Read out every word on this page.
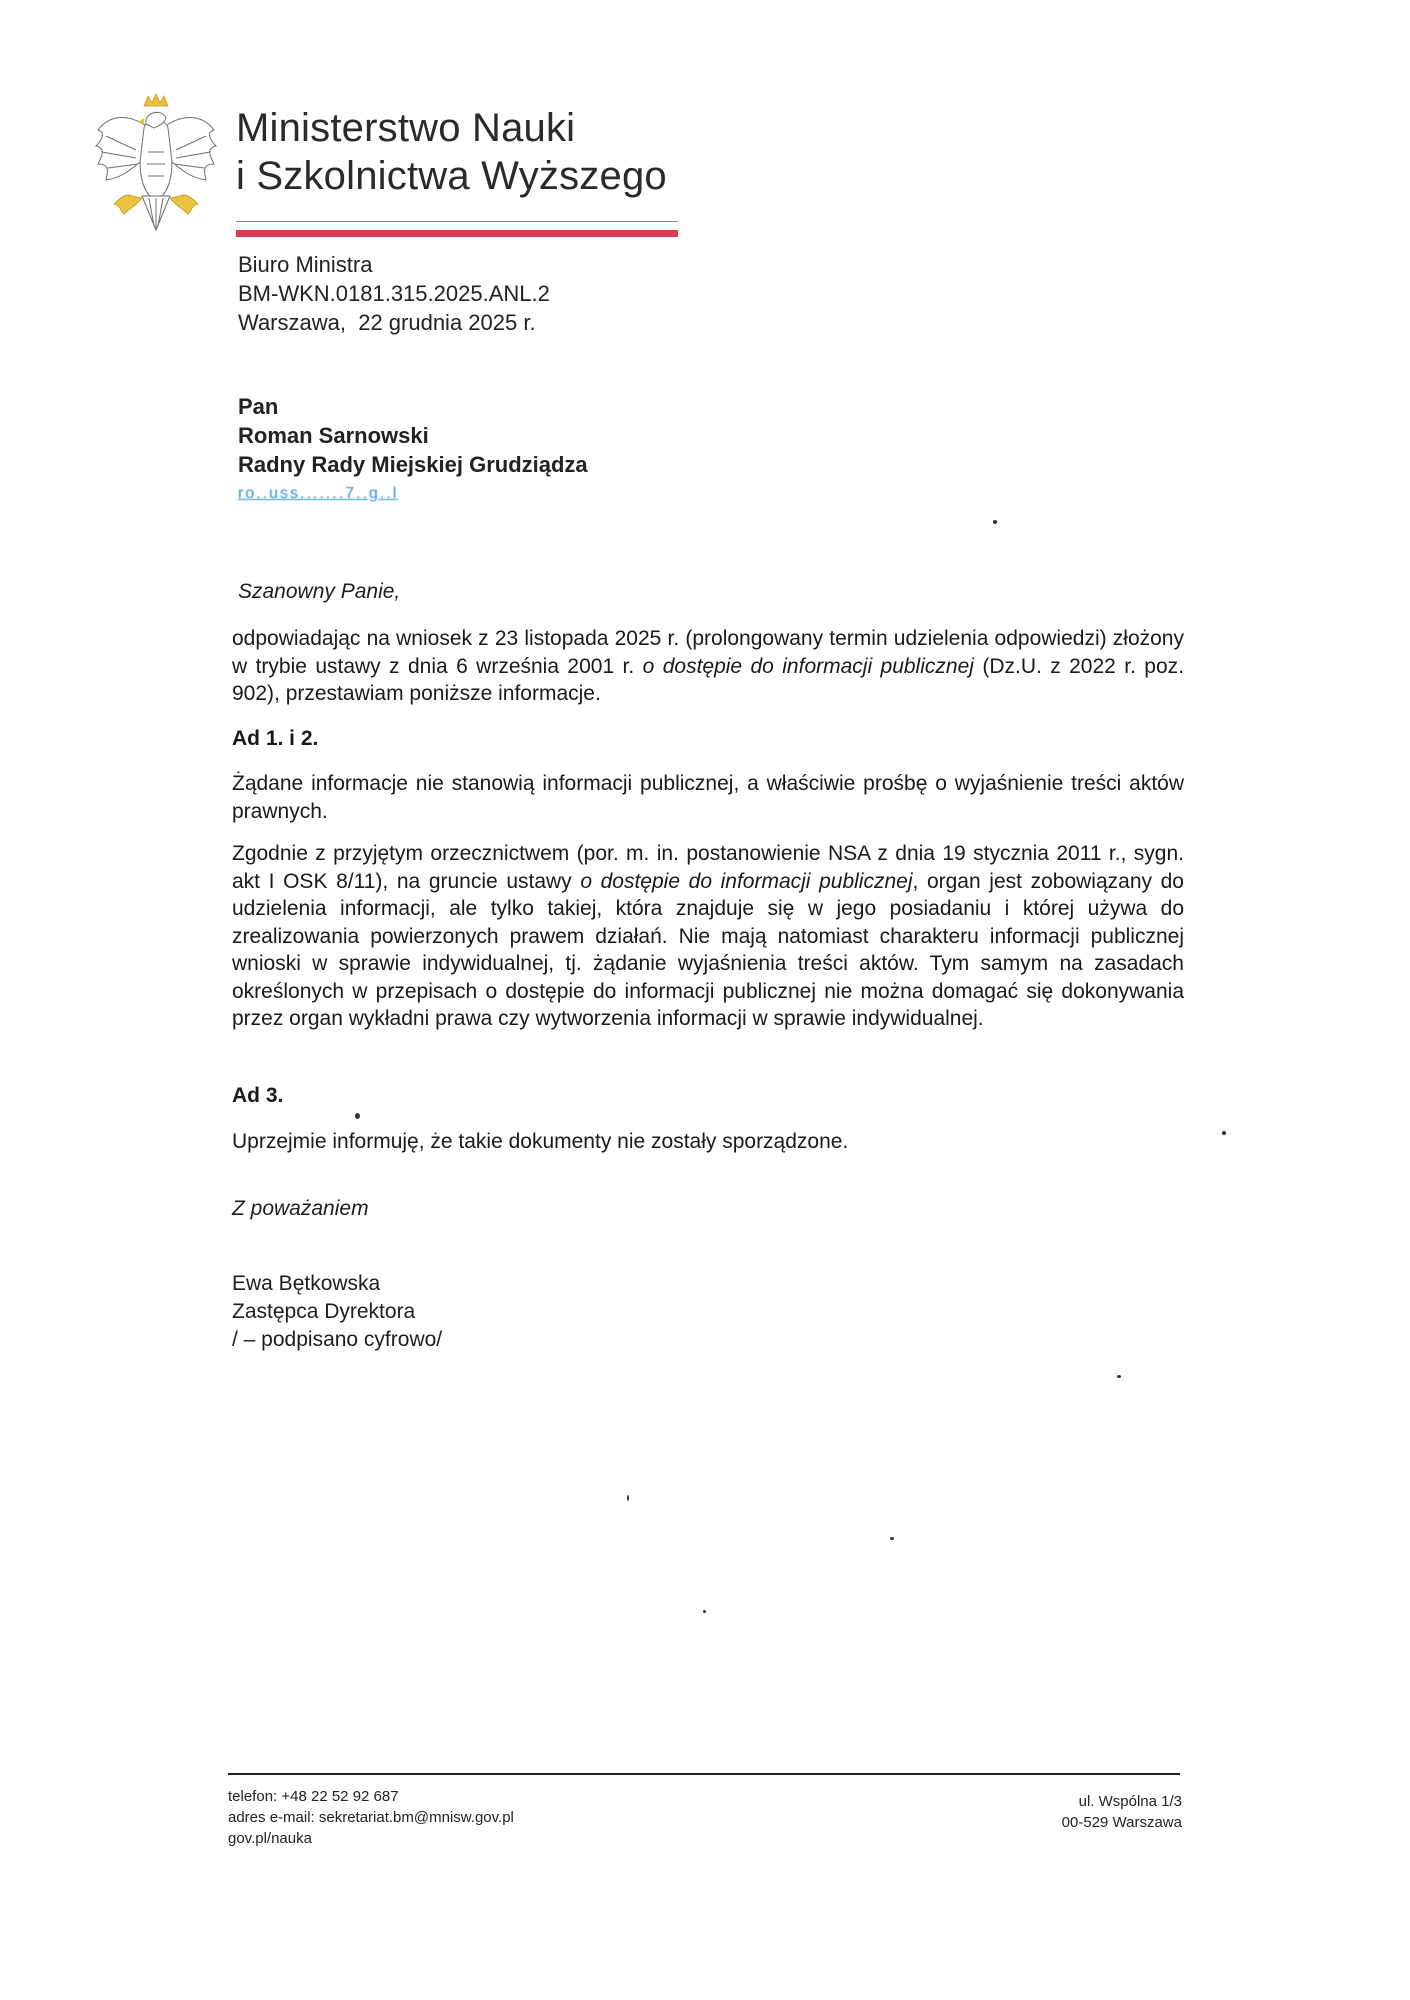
Ministerstwo Nauki
i Szkolnictwa Wyższego
Biuro Ministra
BM-WKN.0181.315.2025.ANL.2
Warszawa,  22 grudnia 2025 r.
Pan
Roman Sarnowski
Radny Rady Miejskiej Grudziądza
ro..uss.......7..g..l
Szanowny Panie,
odpowiadając na wniosek z 23 listopada 2025 r. (prolongowany termin udzielenia odpowiedzi) złożony w trybie ustawy z dnia 6 września 2001 r. o dostępie do informacji publicznej (Dz.U. z 2022 r. poz. 902), przestawiam poniższe informacje.
Ad 1. i 2.
Żądane informacje nie stanowią informacji publicznej, a właściwie prośbę o wyjaśnienie treści aktów prawnych.
Zgodnie z przyjętym orzecznictwem (por. m. in. postanowienie NSA z dnia 19 stycznia 2011 r., sygn. akt I OSK 8/11), na gruncie ustawy o dostępie do informacji publicznej, organ jest zobowiązany do udzielenia informacji, ale tylko takiej, która znajduje się w jego posiadaniu i której używa do zrealizowania powierzonych prawem działań. Nie mają natomiast charakteru informacji publicznej wnioski w sprawie indywidualnej, tj. żądanie wyjaśnienia treści aktów. Tym samym na zasadach określonych w przepisach o dostępie do informacji publicznej nie można domagać się dokonywania przez organ wykładni prawa czy wytworzenia informacji w sprawie indywidualnej.
Ad 3.
Uprzejmie informuję, że takie dokumenty nie zostały sporządzone.
Z poważaniem
Ewa Bętkowska
Zastępca Dyrektora
/ – podpisano cyfrowo/
telefon: +48 22 52 92 687
adres e-mail: sekretariat.bm@mnisw.gov.pl
gov.pl/nauka
ul. Wspólna 1/3
00-529 Warszawa
